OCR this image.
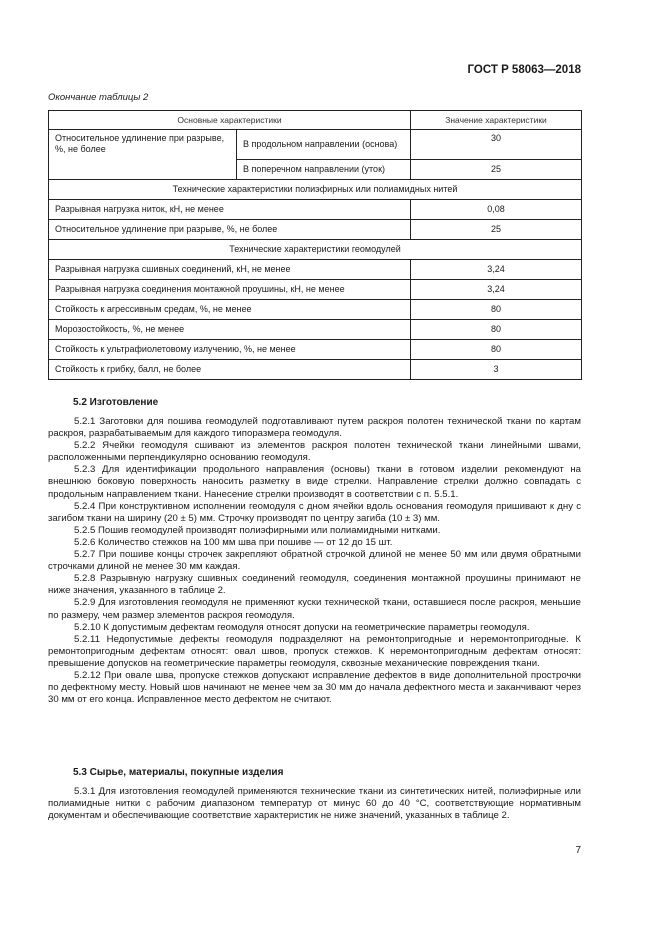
ГОСТ Р 58063—2018
Окончание таблицы 2
Основные характеристики		Значение характеристики
Относительное удлинение при разрыве, %, не более	В продольном направлении (основа)	30
	В поперечном направлении (уток)	25
Технические характеристики полиэфирных или полиамидных нитей		
Разрывная нагрузка ниток, кН, не менее		0,08
Относительное удлинение при разрыве, %, не более		25
Технические характеристики геомодулей		
Разрывная нагрузка сшивных соединений, кН, не менее		3,24
Разрывная нагрузка соединения монтажной проушины, кН, не менее		3,24
Стойкость к агрессивным средам, %, не менее		80
Морозостойкость, %, не менее		80
Стойкость к ультрафиолетовому излучению, %, не менее		80
Стойкость к грибку, балл, не более		3
5.2 Изготовление

5.2.1 Заготовки для пошива геомодулей подготавливают путем раскроя полотен технической ткани по картам раскроя, разрабатываемым для каждого типоразмера геомодуля.

5.2.2 Ячейки геомодуля сшивают из элементов раскроя полотен технической ткани линейными швами, расположенными перпендикулярно основанию геомодуля.

5.2.3 Для идентификации продольного направления (основы) ткани в готовом изделии рекомендуют на внешнюю боковую поверхность наносить разметку в виде стрелки. Направление стрелки должно совпадать с продольным направлением ткани. Нанесение стрелки производят в соответствии с п. 5.5.1.

5.2.4 При конструктивном исполнении геомодуля с дном ячейки вдоль основания геомодуля пришивают к дну с загибом ткани на ширину (20 ± 5) мм. Строчку производят по центру загиба (10 ± 3) мм.

5.2.5 Пошив геомодулей производят полиэфирными или полиамидными нитками.

5.2.6 Количество стежков на 100 мм шва при пошиве — от 12 до 15 шт.

5.2.7 При пошиве концы строчек закрепляют обратной строчкой длиной не менее 50 мм или двумя обратными строчками длиной не менее 30 мм каждая.

5.2.8 Разрывную нагрузку сшивных соединений геомодуля, соединения монтажной проушины принимают не ниже значения, указанного в таблице 2.

5.2.9 Для изготовления геомодуля не применяют куски технической ткани, оставшиеся после раскроя, меньшие по размеру, чем размер элементов раскроя геомодуля.

5.2.10 К допустимым дефектам геомодуля относят допуски на геометрические параметры геомодуля.

5.2.11 Недопустимые дефекты геомодуля подразделяют на ремонтопригодные и неремонтопригодные. К ремонтопригодным дефектам относят: овал швов, пропуск стежков. К неремонтопригодным дефектам относят: превышение допусков на геометрические параметры геомодуля, сквозные механические повреждения ткани.

5.2.12 При овале шва, пропуске стежков допускают исправление дефектов в виде дополнительной прострочки по дефектному месту. Новый шов начинают не менее чем за 30 мм до начала дефектного места и заканчивают через 30 мм от его конца. Исправленное место дефектом не считают.

5.3 Сырье, материалы, покупные изделия

5.3.1 Для изготовления геомодулей применяются технические ткани из синтетических нитей, полиэфирные или полиамидные нитки с рабочим диапазоном температур от минус 60 до 40 °С, соответствующие нормативным документам и обеспечивающие соответствие характеристик не ниже значений, указанных в таблице 2.

7
